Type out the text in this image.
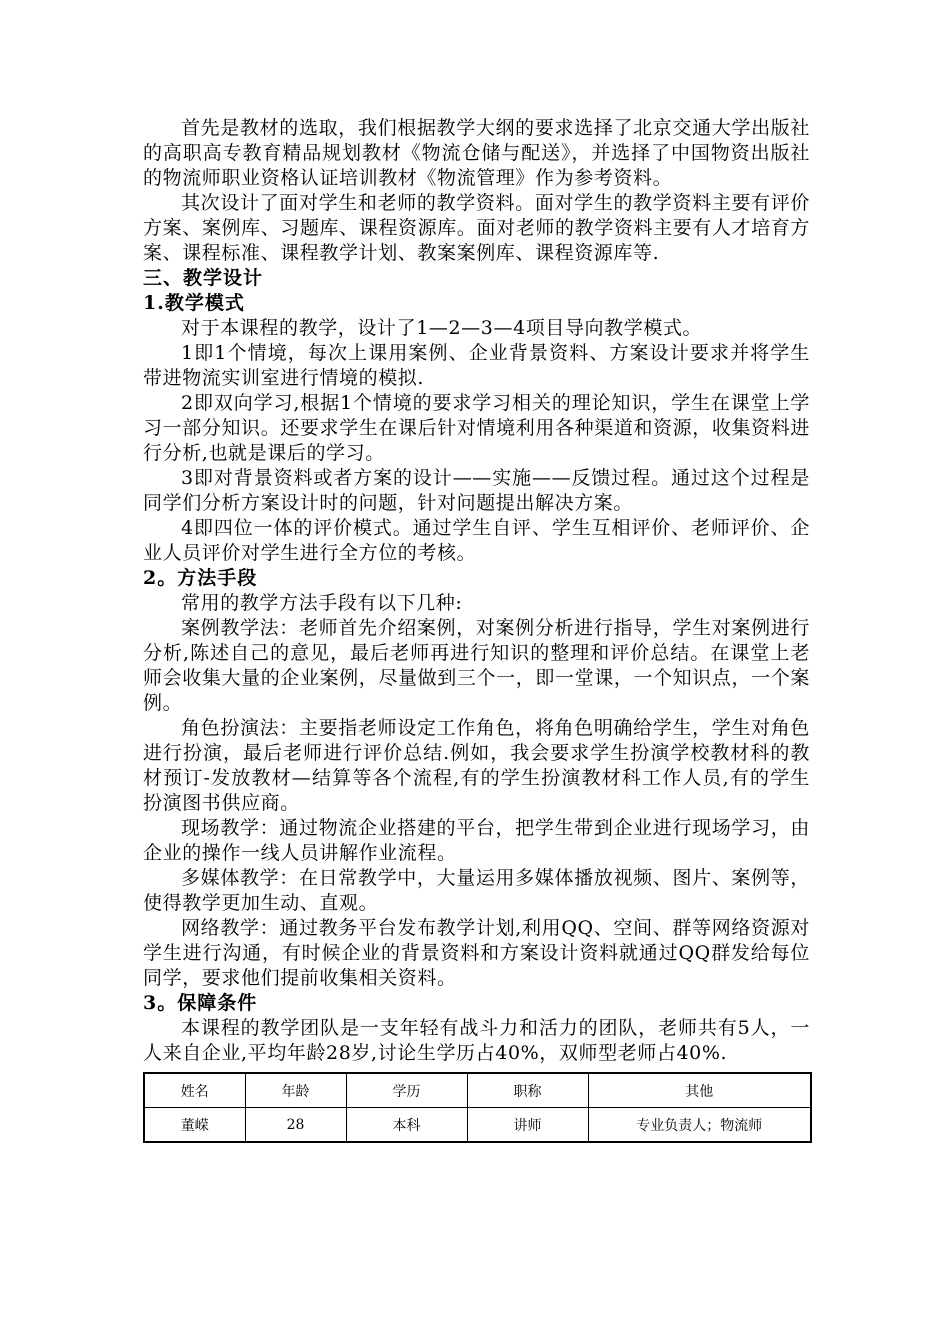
首先是教材的选取，我们根据教学大纲的要求选择了北京交通大学出版社的高职高专教育精品规划教材《物流仓储与配送》，并选择了中国物资出版社的物流师职业资格认证培训教材《物流管理》作为参考资料。

其次设计了面对学生和老师的教学资料。面对学生的教学资料主要有评价方案、案例库、习题库、课程资源库。面对老师的教学资料主要有人才培育方案、课程标准、课程教学计划、教案案例库、课程资源库等.

三、教学设计

1.教学模式

对于本课程的教学，设计了1—2—3—4项目导向教学模式。

1即1个情境，每次上课用案例、企业背景资料、方案设计要求并将学生带进物流实训室进行情境的模拟.

2即双向学习,根据1个情境的要求学习相关的理论知识，学生在课堂上学习一部分知识。还要求学生在课后针对情境利用各种渠道和资源，收集资料进行分析,也就是课后的学习。

3即对背景资料或者方案的设计——实施——反馈过程。通过这个过程是同学们分析方案设计时的问题，针对问题提出解决方案。

4即四位一体的评价模式。通过学生自评、学生互相评价、老师评价、企业人员评价对学生进行全方位的考核。

2。方法手段

常用的教学方法手段有以下几种:

案例教学法：老师首先介绍案例，对案例分析进行指导，学生对案例进行分析,陈述自己的意见，最后老师再进行知识的整理和评价总结。在课堂上老师会收集大量的企业案例，尽量做到三个一，即一堂课，一个知识点，一个案例。

角色扮演法：主要指老师设定工作角色，将角色明确给学生，学生对角色进行扮演，最后老师进行评价总结.例如，我会要求学生扮演学校教材科的教材预订-发放教材—结算等各个流程,有的学生扮演教材科工作人员,有的学生扮演图书供应商。

现场教学：通过物流企业搭建的平台，把学生带到企业进行现场学习，由企业的操作一线人员讲解作业流程。

多媒体教学：在日常教学中，大量运用多媒体播放视频、图片、案例等，使得教学更加生动、直观。

网络教学：通过教务平台发布教学计划,利用QQ、空间、群等网络资源对学生进行沟通，有时候企业的背景资料和方案设计资料就通过QQ群发给每位同学，要求他们提前收集相关资料。

3。保障条件

本课程的教学团队是一支年轻有战斗力和活力的团队，老师共有5人，一人来自企业,平均年龄28岁,讨论生学历占40%，双师型老师占40%.

姓名	年龄	学历	职称	其他
董嵘	28	本科	讲师	专业负责人；物流师
